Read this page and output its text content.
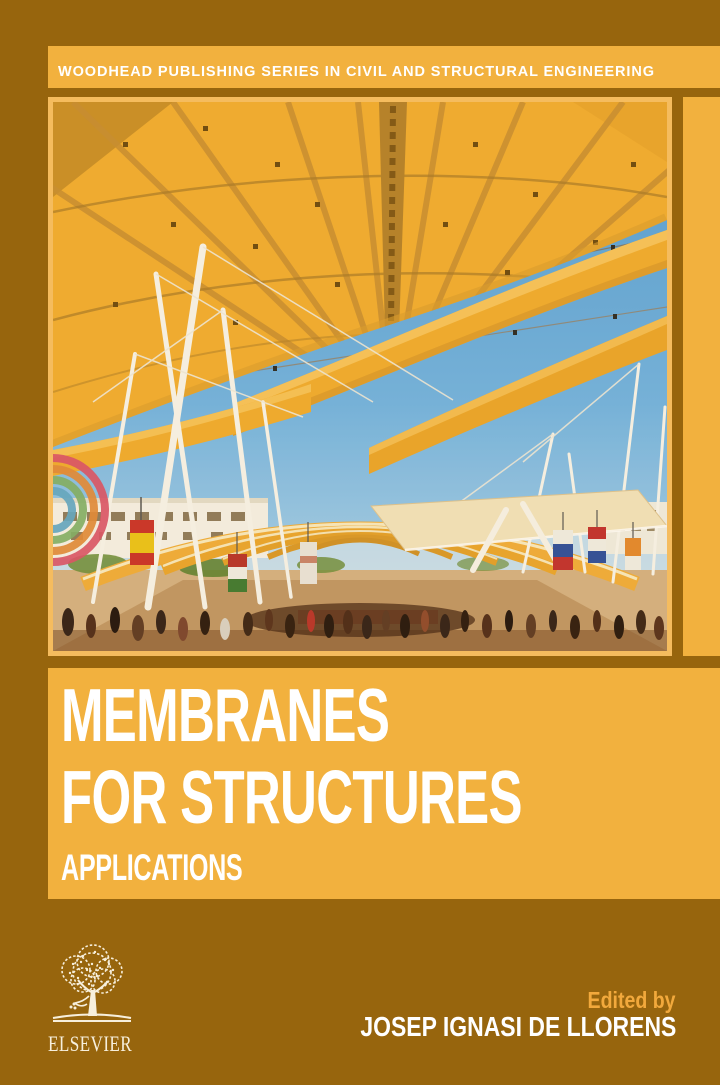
WOODHEAD PUBLISHING SERIES IN CIVIL AND STRUCTURAL ENGINEERING
MEMBRANES
FOR STRUCTURES
APPLICATIONS
ELSEVIER
Edited by
JOSEP IGNASI DE LLORENS
